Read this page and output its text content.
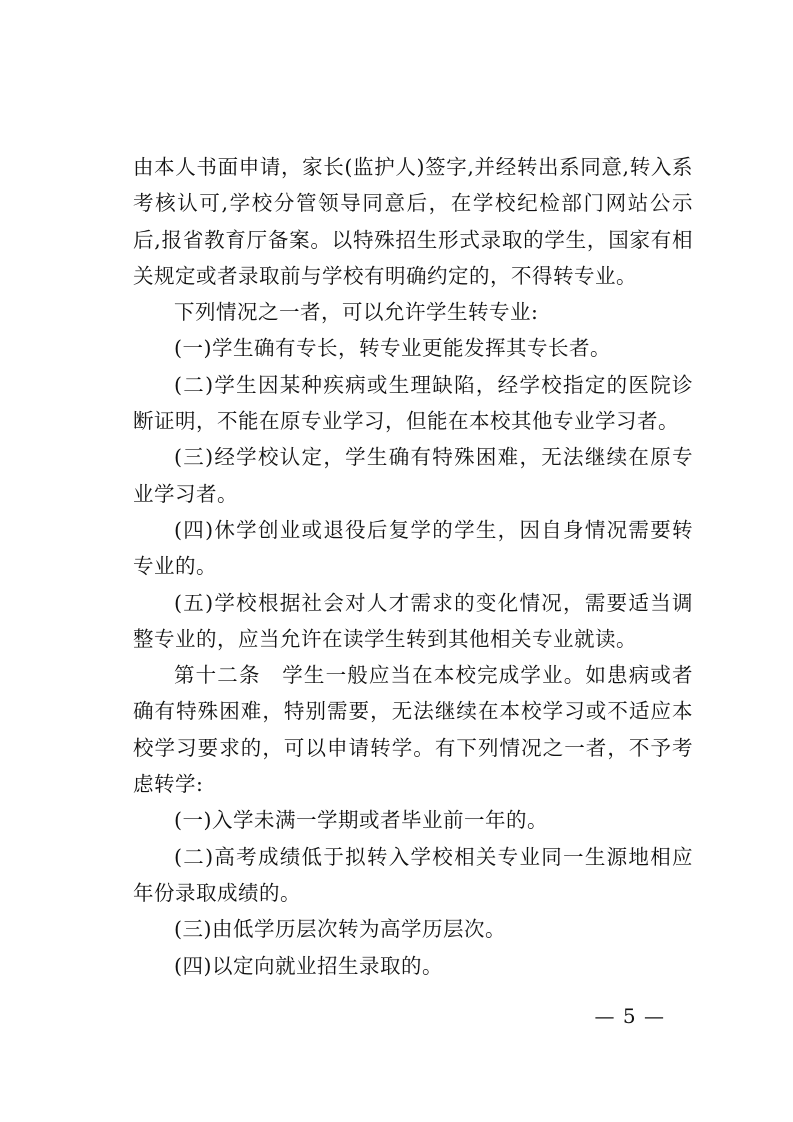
由本人书面申请，家长(监护人)签字,并经转出系同意,转入系考核认可,学校分管领导同意后，在学校纪检部门网站公示后,报省教育厅备案。以特殊招生形式录取的学生，国家有相关规定或者录取前与学校有明确约定的，不得转专业。

下列情况之一者，可以允许学生转专业:

(一)学生确有专长，转专业更能发挥其专长者。

(二)学生因某种疾病或生理缺陷，经学校指定的医院诊断证明，不能在原专业学习，但能在本校其他专业学习者。

(三)经学校认定，学生确有特殊困难，无法继续在原专业学习者。

(四)休学创业或退役后复学的学生，因自身情况需要转专业的。

(五)学校根据社会对人才需求的变化情况，需要适当调整专业的，应当允许在读学生转到其他相关专业就读。

第十二条　学生一般应当在本校完成学业。如患病或者确有特殊困难，特别需要，无法继续在本校学习或不适应本校学习要求的，可以申请转学。有下列情况之一者，不予考虑转学:

(一)入学未满一学期或者毕业前一年的。

(二)高考成绩低于拟转入学校相关专业同一生源地相应年份录取成绩的。

(三)由低学历层次转为高学历层次。

(四)以定向就业招生录取的。

— 5 —
